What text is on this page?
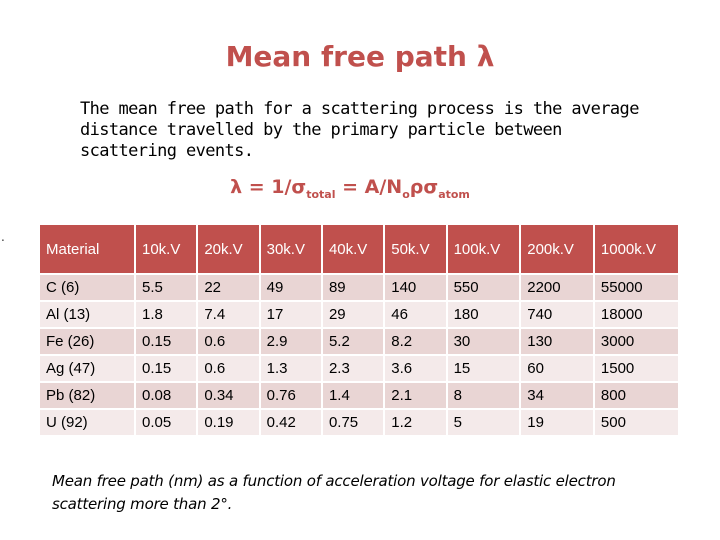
Mean free path λ
The mean free path for a scattering process is the average distance travelled by the primary particle between scattering events.
$\lambda = 1/\sigma_{total} = A/N_o\rho\sigma_{atom}$
.
Material	10k.V	20k.V	30k.V	40k.V	50k.V	100k.V	200k.V	1000k.V
C (6)	5.5	22	49	89	140	550	2200	55000
Al (13)	1.8	7.4	17	29	46	180	740	18000
Fe (26)	0.15	0.6	2.9	5.2	8.2	30	130	3000
Ag (47)	0.15	0.6	1.3	2.3	3.6	15	60	1500
Pb (82)	0.08	0.34	0.76	1.4	2.1	8	34	800
U (92)	0.05	0.19	0.42	0.75	1.2	5	19	500
Mean free path (nm) as a function of acceleration voltage for elastic electron scattering more than 2°.
